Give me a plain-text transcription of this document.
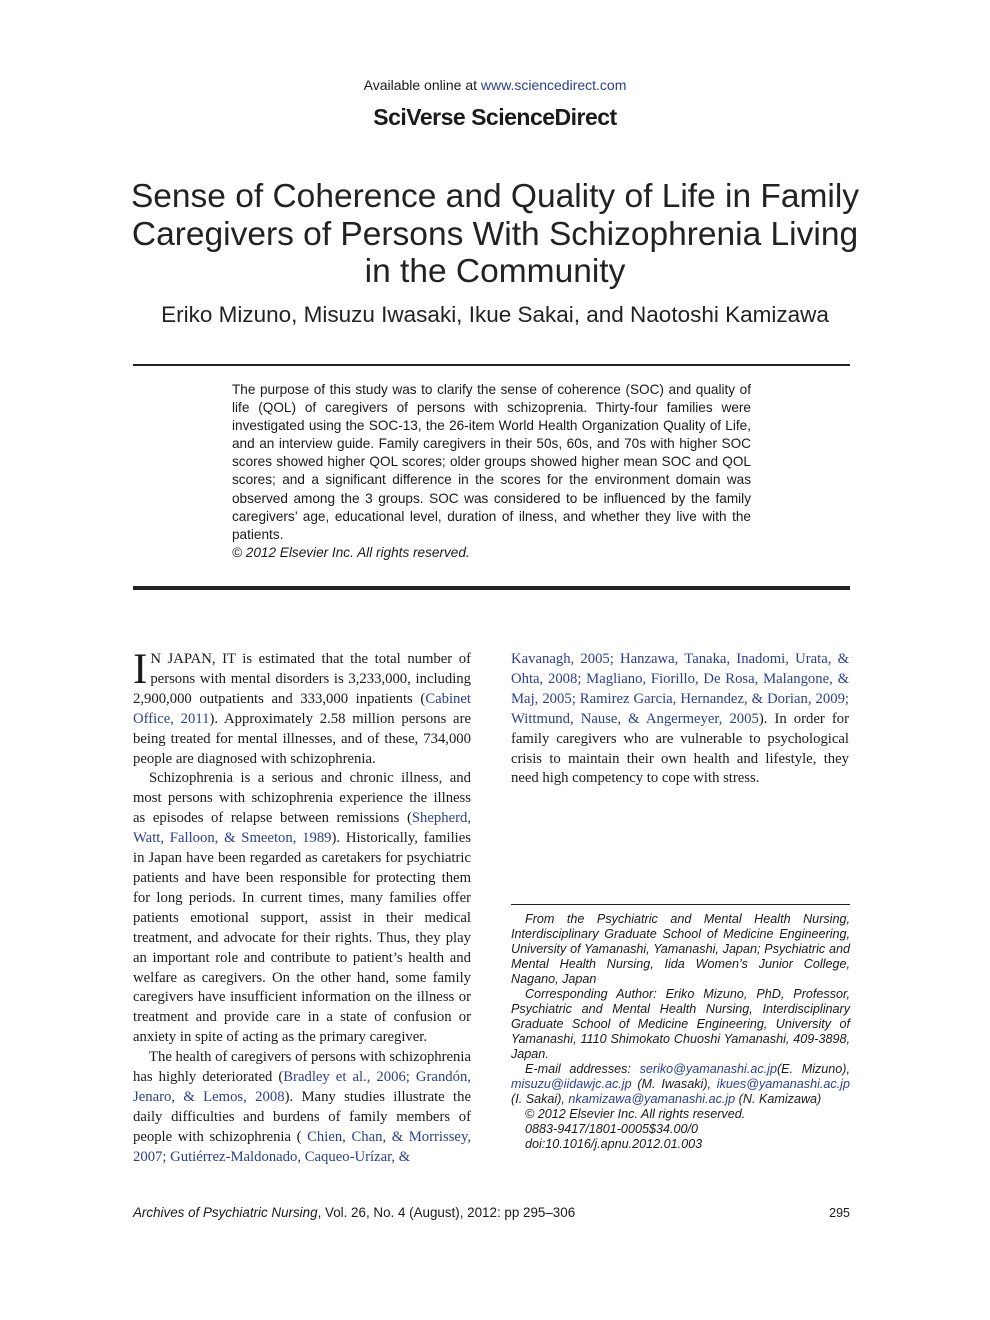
Available online at www.sciencedirect.com
SciVerse ScienceDirect
Sense of Coherence and Quality of Life in Family Caregivers of Persons With Schizophrenia Living in the Community
Eriko Mizuno, Misuzu Iwasaki, Ikue Sakai, and Naotoshi Kamizawa

The purpose of this study was to clarify the sense of coherence (SOC) and quality of life (QOL) of caregivers of persons with schizoprenia. Thirty-four families were investigated using the SOC-13, the 26-item World Health Organization Quality of Life, and an interview guide. Family caregivers in their 50s, 60s, and 70s with higher SOC scores showed higher QOL scores; older groups showed higher mean SOC and QOL scores; and a significant difference in the scores for the environment domain was observed among the 3 groups. SOC was considered to be influenced by the family caregivers’ age, educational level, duration of ilness, and whether they live with the patients.
© 2012 Elsevier Inc. All rights reserved.

I N JAPAN, IT is estimated that the total number of persons with mental disorders is 3,233,000, including 2,900,000 outpatients and 333,000 inpatients (Cabinet Office, 2011). Approximately 2.58 million persons are being treated for mental illnesses, and of these, 734,000 people are diagnosed with schizophrenia.

Schizophrenia is a serious and chronic illness, and most persons with schizophrenia experience the illness as episodes of relapse between remissions (Shepherd, Watt, Falloon, & Smeeton, 1989). Historically, families in Japan have been regarded as caretakers for psychiatric patients and have been responsible for protecting them for long periods. In current times, many families offer patients emotional support, assist in their medical treatment, and advocate for their rights. Thus, they play an important role and contribute to patient’s health and welfare as caregivers. On the other hand, some family caregivers have insufficient information on the illness or treatment and provide care in a state of confusion or anxiety in spite of acting as the primary caregiver.

The health of caregivers of persons with schizophrenia has highly deteriorated (Bradley et al., 2006; Grandón, Jenaro, & Lemos, 2008). Many studies illustrate the daily difficulties and burdens of family members of people with schizophrenia ( Chien, Chan, & Morrissey, 2007; Gutiérrez-Maldonado, Caqueo-Urízar, &

Kavanagh, 2005; Hanzawa, Tanaka, Inadomi, Urata, & Ohta, 2008; Magliano, Fiorillo, De Rosa, Malangone, & Maj, 2005; Ramirez Garcia, Hernandez, & Dorian, 2009; Wittmund, Nause, & Angermeyer, 2005). In order for family caregivers who are vulnerable to psychological crisis to maintain their own health and lifestyle, they need high competency to cope with stress.

From the Psychiatric and Mental Health Nursing, Interdisciplinary Graduate School of Medicine Engineering, University of Yamanashi, Yamanashi, Japan; Psychiatric and Mental Health Nursing, Iida Women’s Junior College, Nagano, Japan

Corresponding Author: Eriko Mizuno, PhD, Professor, Psychiatric and Mental Health Nursing, Interdisciplinary Graduate School of Medicine Engineering, University of Yamanashi, 1110 Shimokato Chuoshi Yamanashi, 409-3898, Japan.

E-mail addresses: seriko@yamanashi.ac.jp(E. Mizuno), misuzu@iidawjc.ac.jp (M. Iwasaki), ikues@yamanashi.ac.jp (I. Sakai), nkamizawa@yamanashi.ac.jp (N. Kamizawa)

© 2012 Elsevier Inc. All rights reserved.

0883-9417/1801-0005$34.00/0

doi:10.1016/j.apnu.2012.01.003

Archives of Psychiatric Nursing, Vol. 26, No. 4 (August), 2012: pp 295–306	295
